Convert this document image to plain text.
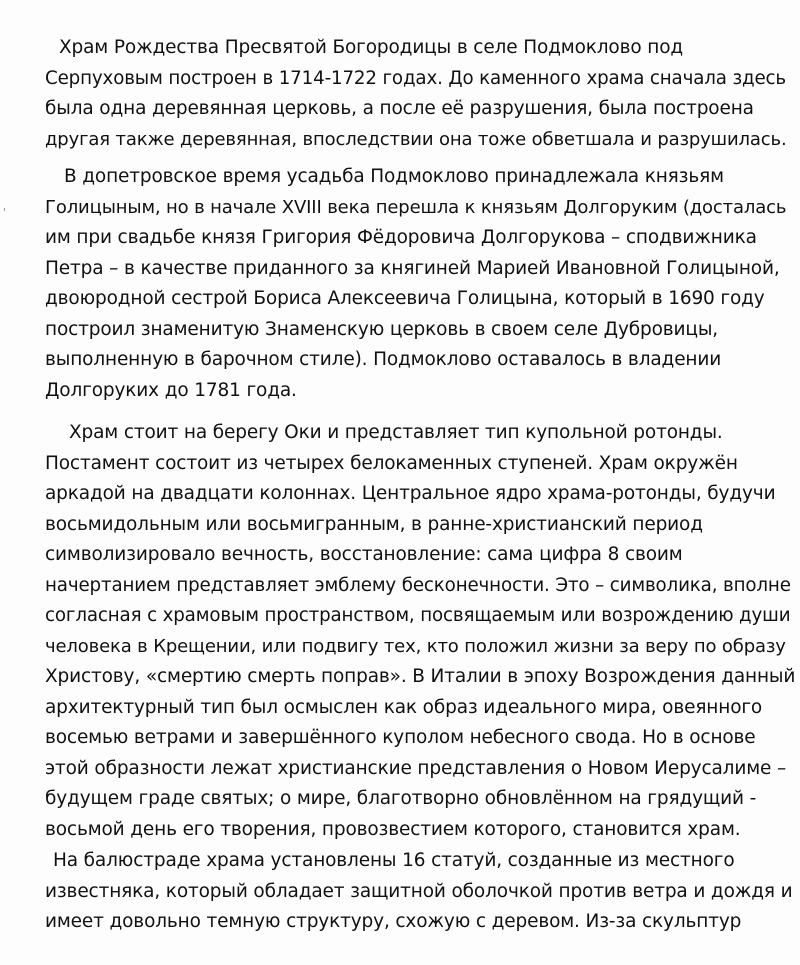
Храм Рождества Пресвятой Богородицы в селе Подмоклово под
Серпуховым построен в 1714-1722 годах. До каменного храма сначала здесь
была одна деревянная церковь, а после её разрушения, была построена
другая также деревянная, впоследствии она тоже обветшала и разрушилась.
В допетровское время усадьба Подмоклово принадлежала князьям
Голицыным, но в начале XVIII века перешла к князьям Долгоруким (досталась
им при свадьбе князя Григория Фёдоровича Долгорукова – сподвижника
Петра – в качестве приданного за княгиней Марией Ивановной Голицыной,
двоюродной сестрой Бориса Алексеевича Голицына, который в 1690 году
построил знаменитую Знаменскую церковь в своем селе Дубровицы,
выполненную в барочном стиле). Подмоклово оставалось в владении
Долгоруких до 1781 года.
Храм стоит на берегу Оки и представляет тип купольной ротонды.
Постамент состоит из четырех белокаменных ступеней. Храм окружён
аркадой на двадцати колоннах. Центральное ядро храма-ротонды, будучи
восьмидольным или восьмигранным, в ранне-христианский период
символизировало вечность, восстановление: сама цифра 8 своим
начертанием представляет эмблему бесконечности. Это – символика, вполне
согласная с храмовым пространством, посвящаемым или возрождению души
человека в Крещении, или подвигу тех, кто положил жизни за веру по образу
Христову, «смертию смерть поправ». В Италии в эпоху Возрождения данный
архитектурный тип был осмыслен как образ идеального мира, овеянного
восемью ветрами и завершённого куполом небесного свода. Но в основе
этой образности лежат христианские представления о Новом Иерусалиме –
будущем граде святых; о мире, благотворно обновлённом на грядущий -
восьмой день его творения, провозвестием которого, становится храм.
На балюстраде храма установлены 16 статуй, созданные из местного
известняка, который обладает защитной оболочкой против ветра и дождя и
имеет довольно темную структуру, схожую с деревом. Из-за скульптур
